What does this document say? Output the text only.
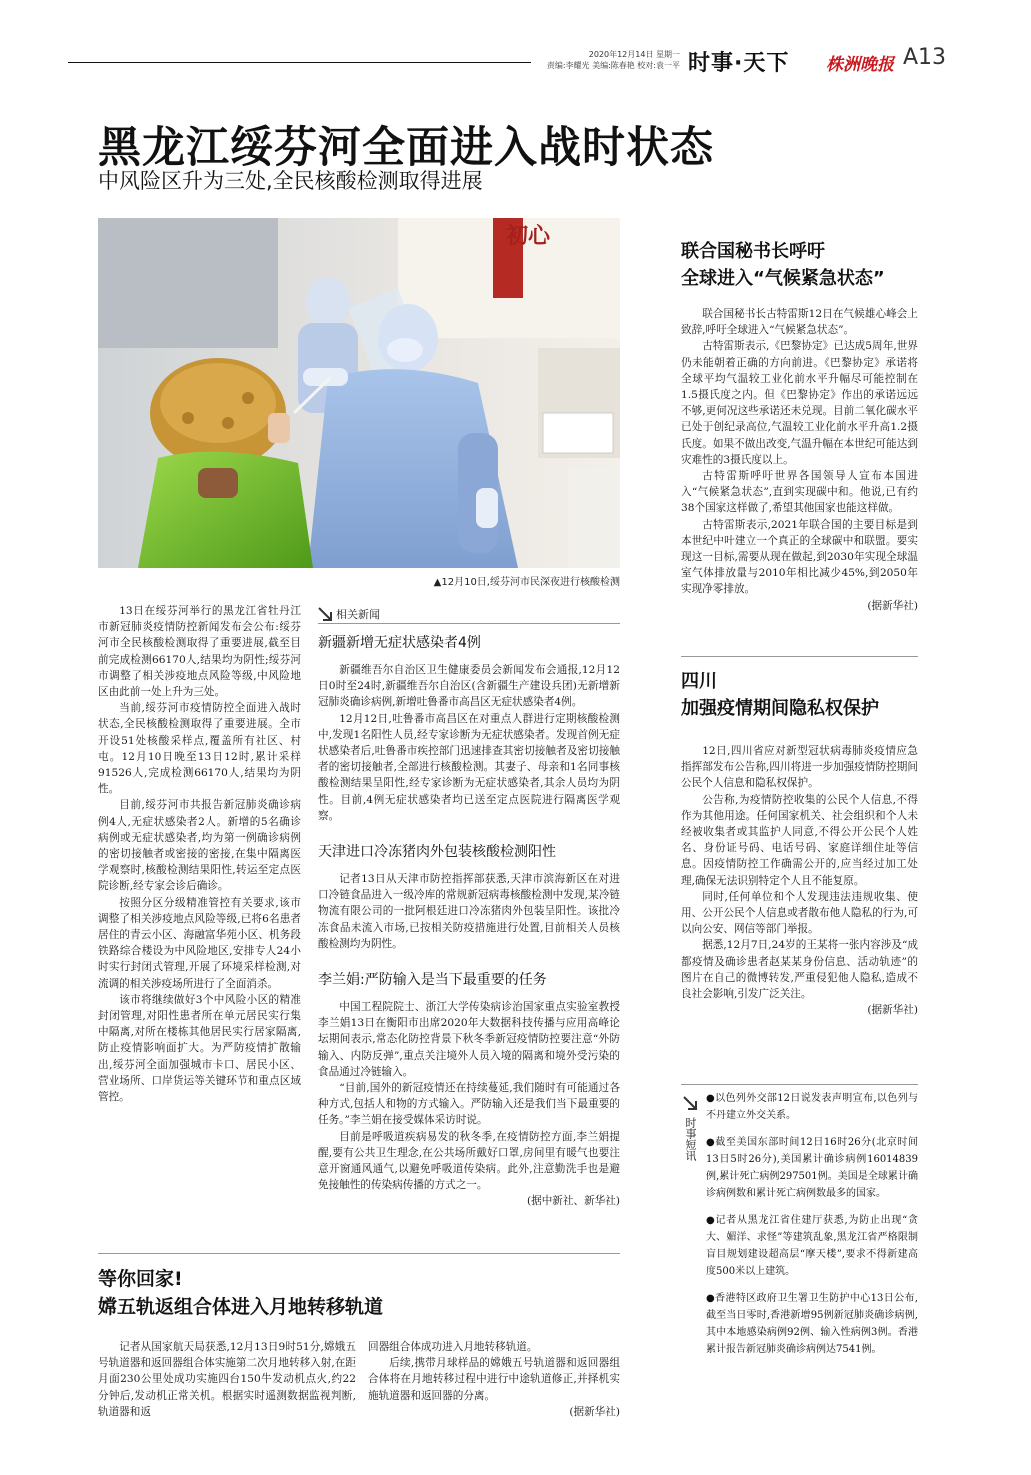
2020年12月14日 星期一
责编:李耀光 美编:陈春艳 校对:袁一平 时事·天下 株洲晚报 A13
黑龙江绥芬河全面进入战时状态
中风险区升为三处,全民核酸检测取得进展
初心
▲12月10日,绥芬河市民深夜进行核酸检测

13日在绥芬河举行的黑龙江省牡丹江市新冠肺炎疫情防控新闻发布会公布:绥芬河市全民核酸检测取得了重要进展,截至目前完成检测66170人,结果均为阴性;绥芬河市调整了相关涉疫地点风险等级,中风险地区由此前一处上升为三处。

当前,绥芬河市疫情防控全面进入战时状态,全民核酸检测取得了重要进展。全市开设51处核酸采样点,覆盖所有社区、村屯。12月10日晚至13日12时,累计采样91526人,完成检测66170人,结果均为阴性。

目前,绥芬河市共报告新冠肺炎确诊病例4人,无症状感染者2人。新增的5名确诊病例或无症状感染者,均为第一例确诊病例的密切接触者或密接的密接,在集中隔离医学观察时,核酸检测结果阳性,转运至定点医院诊断,经专家会诊后确诊。

按照分区分级精准管控有关要求,该市调整了相关涉疫地点风险等级,已将6名患者居住的青云小区、海融富华苑小区、机务段铁路综合楼设为中风险地区,安排专人24小时实行封闭式管理,开展了环境采样检测,对流调的相关涉疫场所进行了全面消杀。

该市将继续做好3个中风险小区的精准封闭管理,对阳性患者所在单元居民实行集中隔离,对所在楼栋其他居民实行居家隔离,防止疫情影响面扩大。为严防疫情扩散输出,绥芬河全面加强城市卡口、居民小区、营业场所、口岸货运等关键环节和重点区域管控。

相关新闻
新疆新增无症状感染者4例

新疆维吾尔自治区卫生健康委员会新闻发布会通报,12月12日0时至24时,新疆维吾尔自治区(含新疆生产建设兵团)无新增新冠肺炎确诊病例,新增吐鲁番市高昌区无症状感染者4例。

12月12日,吐鲁番市高昌区在对重点人群进行定期核酸检测中,发现1名阳性人员,经专家诊断为无症状感染者。发现首例无症状感染者后,吐鲁番市疾控部门迅速排查其密切接触者及密切接触者的密切接触者,全部进行核酸检测。其妻子、母亲和1名同事核酸检测结果呈阳性,经专家诊断为无症状感染者,其余人员均为阴性。目前,4例无症状感染者均已送至定点医院进行隔离医学观察。

天津进口冷冻猪肉外包装核酸检测阳性

记者13日从天津市防控指挥部获悉,天津市滨海新区在对进口冷链食品进入一级冷库的常规新冠病毒核酸检测中发现,某冷链物流有限公司的一批阿根廷进口冷冻猪肉外包装呈阳性。该批冷冻食品未流入市场,已按相关防疫措施进行处置,目前相关人员核酸检测均为阴性。

李兰娟:严防输入是当下最重要的任务

中国工程院院士、浙江大学传染病诊治国家重点实验室教授李兰娟13日在衡阳市出席2020年大数据科技传播与应用高峰论坛期间表示,常态化防控背景下秋冬季新冠疫情防控要注意“外防输入、内防反弹”,重点关注境外人员入境的隔离和境外受污染的食品通过冷链输入。

“目前,国外的新冠疫情还在持续蔓延,我们随时有可能通过各种方式,包括人和物的方式输入。严防输入还是我们当下最重要的任务。”李兰娟在接受媒体采访时说。

目前是呼吸道疾病易发的秋冬季,在疫情防控方面,李兰娟提醒,要有公共卫生理念,在公共场所戴好口罩,房间里有暖气也要注意开窗通风通气,以避免呼吸道传染病。此外,注意勤洗手也是避免接触性的传染病传播的方式之一。

(据中新社、新华社)

等你回家!
嫦五轨返组合体进入月地转移轨道

记者从国家航天局获悉,12月13日9时51分,嫦娥五号轨道器和返回器组合体实施第二次月地转移入射,在距月面230公里处成功实施四台150牛发动机点火,约22分钟后,发动机正常关机。根据实时遥测数据监视判断,轨道器和返

回器组合体成功进入月地转移轨道。

后续,携带月球样品的嫦娥五号轨道器和返回器组合体将在月地转移过程中进行中途轨道修正,并择机实施轨道器和返回器的分离。

(据新华社)

联合国秘书长呼吁
全球进入“气候紧急状态”

联合国秘书长古特雷斯12日在气候雄心峰会上致辞,呼吁全球进入“气候紧急状态”。

古特雷斯表示,《巴黎协定》已达成5周年,世界仍未能朝着正确的方向前进。《巴黎协定》承诺将全球平均气温较工业化前水平升幅尽可能控制在1.5摄氏度之内。但《巴黎协定》作出的承诺远远不够,更何况这些承诺还未兑现。目前二氧化碳水平已处于创纪录高位,气温较工业化前水平升高1.2摄氏度。如果不做出改变,气温升幅在本世纪可能达到灾难性的3摄氏度以上。

古特雷斯呼吁世界各国领导人宣布本国进入“气候紧急状态”,直到实现碳中和。他说,已有约38个国家这样做了,希望其他国家也能这样做。

古特雷斯表示,2021年联合国的主要目标是到本世纪中叶建立一个真正的全球碳中和联盟。要实现这一目标,需要从现在做起,到2030年实现全球温室气体排放量与2010年相比减少45%,到2050年实现净零排放。

(据新华社)

四川
加强疫情期间隐私权保护

12日,四川省应对新型冠状病毒肺炎疫情应急指挥部发布公告称,四川将进一步加强疫情防控期间公民个人信息和隐私权保护。

公告称,为疫情防控收集的公民个人信息,不得作为其他用途。任何国家机关、社会组织和个人未经被收集者或其监护人同意,不得公开公民个人姓名、身份证号码、电话号码、家庭详细住址等信息。因疫情防控工作确需公开的,应当经过加工处理,确保无法识别特定个人且不能复原。

同时,任何单位和个人发现违法违规收集、使用、公开公民个人信息或者散布他人隐私的行为,可以向公安、网信等部门举报。

据悉,12月7日,24岁的王某将一张内容涉及“成都疫情及确诊患者赵某某身份信息、活动轨迹”的图片在自己的微博转发,严重侵犯他人隐私,造成不良社会影响,引发广泛关注。

(据新华社)

时事短讯

●以色列外交部12日说发表声明宣布,以色列与不丹建立外交关系。

●截至美国东部时间12日16时26分(北京时间13日5时26分),美国累计确诊病例16014839例,累计死亡病例297501例。美国是全球累计确诊病例数和累计死亡病例数最多的国家。

●记者从黑龙江省住建厅获悉,为防止出现“贪大、媚洋、求怪”等建筑乱象,黑龙江省严格限制盲目规划建设超高层“摩天楼”,要求不得新建高度500米以上建筑。

●香港特区政府卫生署卫生防护中心13日公布,截至当日零时,香港新增95例新冠肺炎确诊病例,其中本地感染病例92例、输入性病例3例。香港累计报告新冠肺炎确诊病例达7541例。
